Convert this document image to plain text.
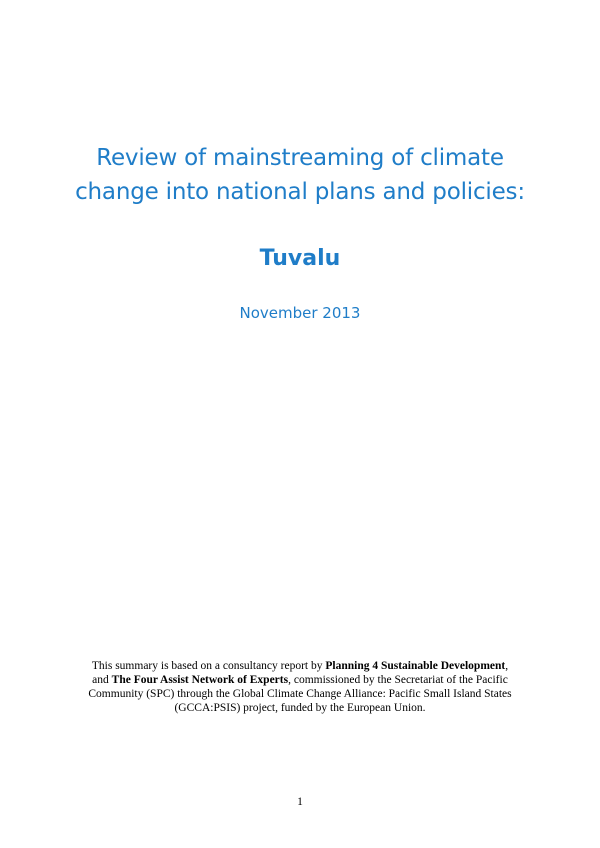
Review of mainstreaming of climate
change into national plans and policies:
Tuvalu
November 2013
This summary is based on a consultancy report by Planning 4 Sustainable Development,
and The Four Assist Network of Experts, commissioned by the Secretariat of the Pacific
Community (SPC) through the Global Climate Change Alliance: Pacific Small Island States
(GCCA:PSIS) project, funded by the European Union.
1
